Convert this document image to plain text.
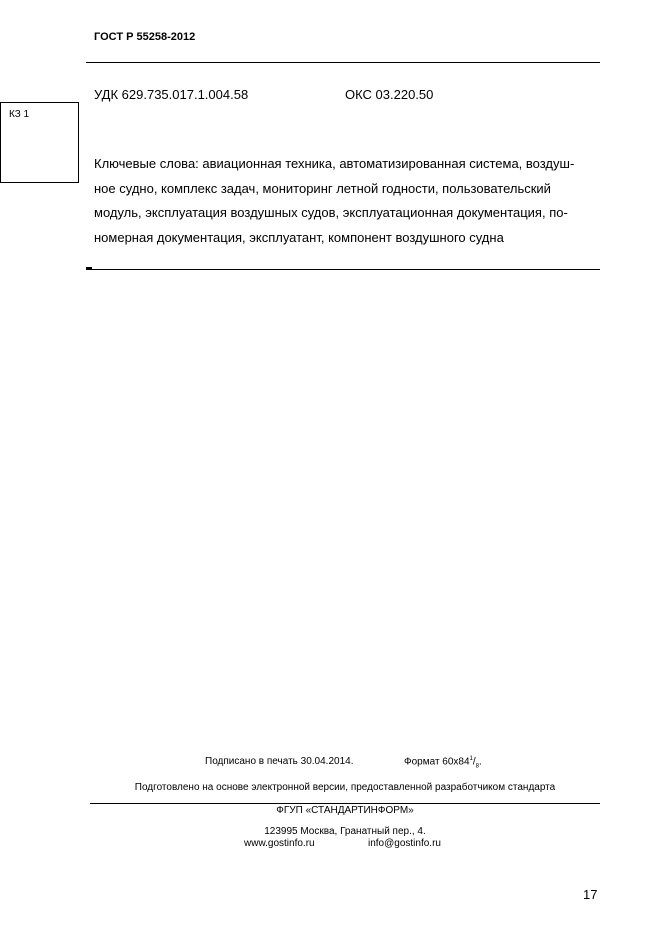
ГОСТ Р 55258-2012
УДК 629.735.017.1.004.58	ОКС 03.220.50
КЗ 1
Ключевые слова: авиационная техника, автоматизированная система, воздуш-
ное судно, комплекс задач, мониторинг летной годности, пользовательский
модуль, эксплуатация воздушных судов, эксплуатационная документация, по-
номерная документация, эксплуатант, компонент воздушного судна
Подписано в печать 30.04.2014.	Формат $60х84^1/_8$.
Подготовлено на основе электронной версии, предоставленной разработчиком стандарта
ФГУП «СТАНДАРТИНФОРМ»
123995 Москва, Гранатный пер., 4.
www.gostinfo.ru	info@gostinfo.ru
17
